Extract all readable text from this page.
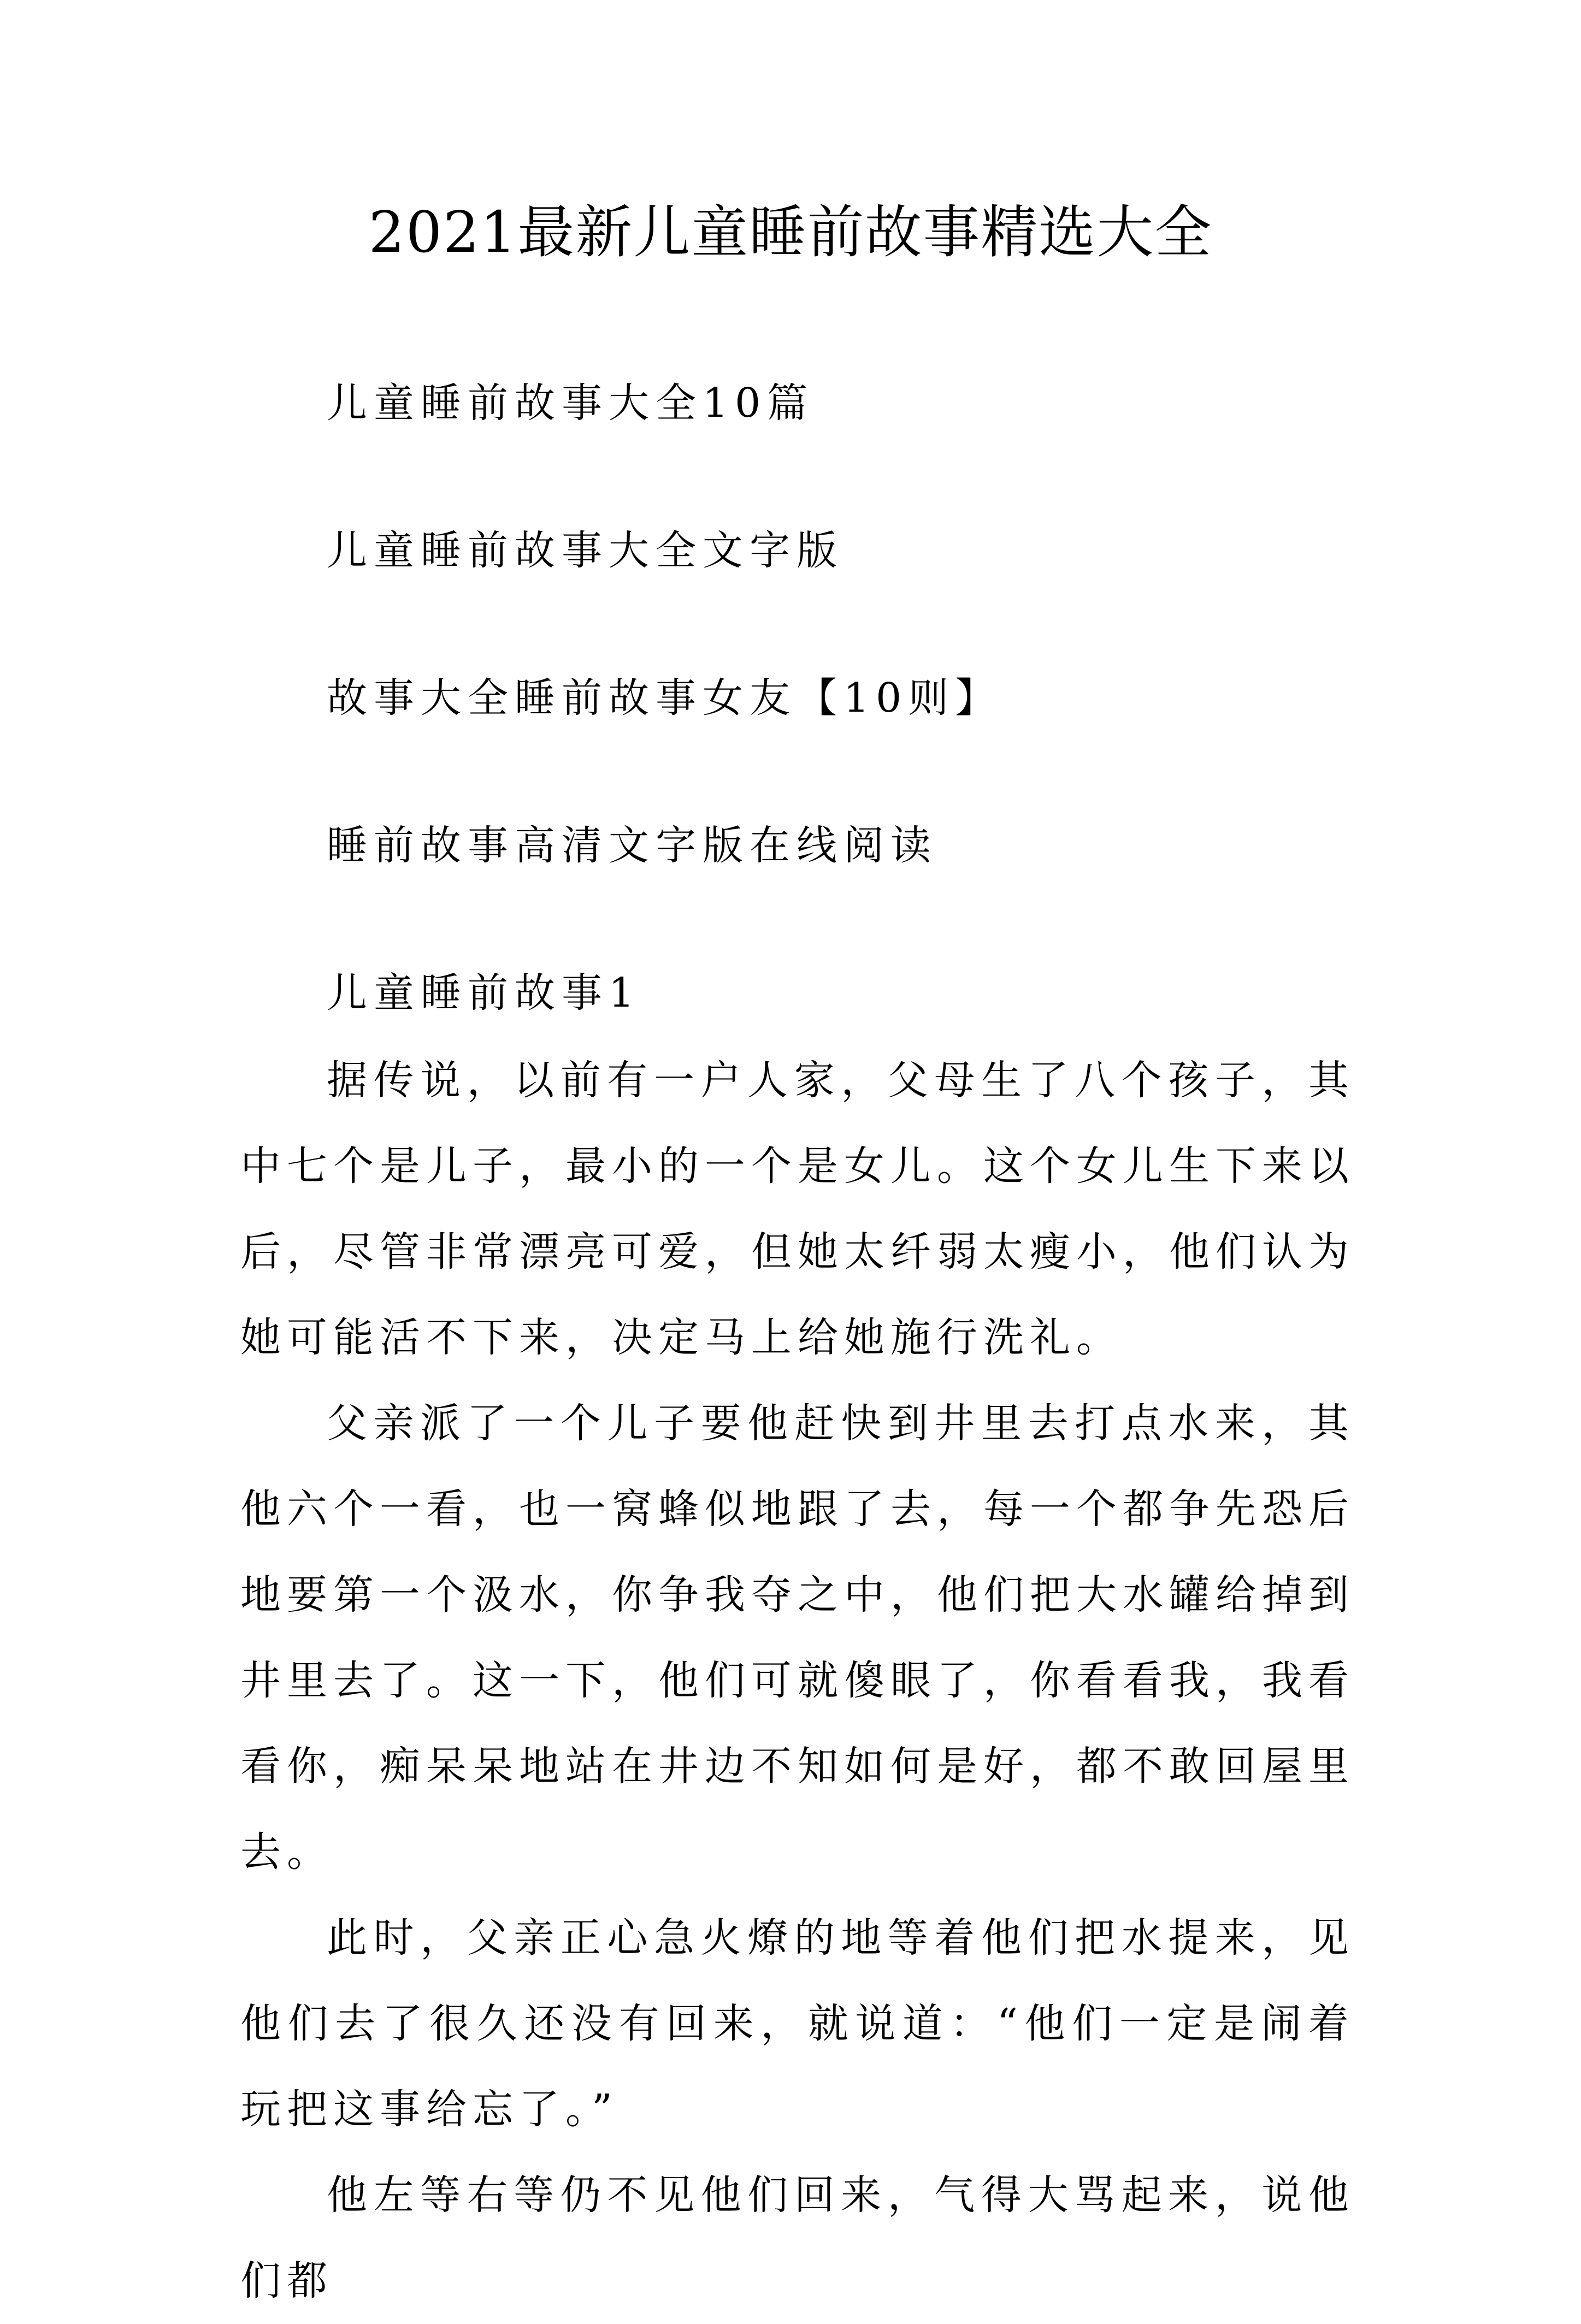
2021最新儿童睡前故事精选大全
儿童睡前故事大全10篇
儿童睡前故事大全文字版
故事大全睡前故事女友【10则】
睡前故事高清文字版在线阅读
儿童睡前故事1

据传说，以前有一户人家，父母生了八个孩子，其中七个是儿子，最小的一个是女儿。这个女儿生下来以后，尽管非常漂亮可爱，但她太纤弱太瘦小，他们认为她可能活不下来，决定马上给她施行洗礼。

父亲派了一个儿子要他赶快到井里去打点水来，其他六个一看，也一窝蜂似地跟了去，每一个都争先恐后地要第一个汲水，你争我夺之中，他们把大水罐给掉到井里去了。这一下，他们可就傻眼了，你看看我，我看看你，痴呆呆地站在井边不知如何是好，都不敢回屋里去。

此时，父亲正心急火燎的地等着他们把水提来，见他们去了很久还没有回来，就说道：“他们一定是闹着玩把这事给忘了。”

他左等右等仍不见他们回来，气得大骂起来，说他们都
